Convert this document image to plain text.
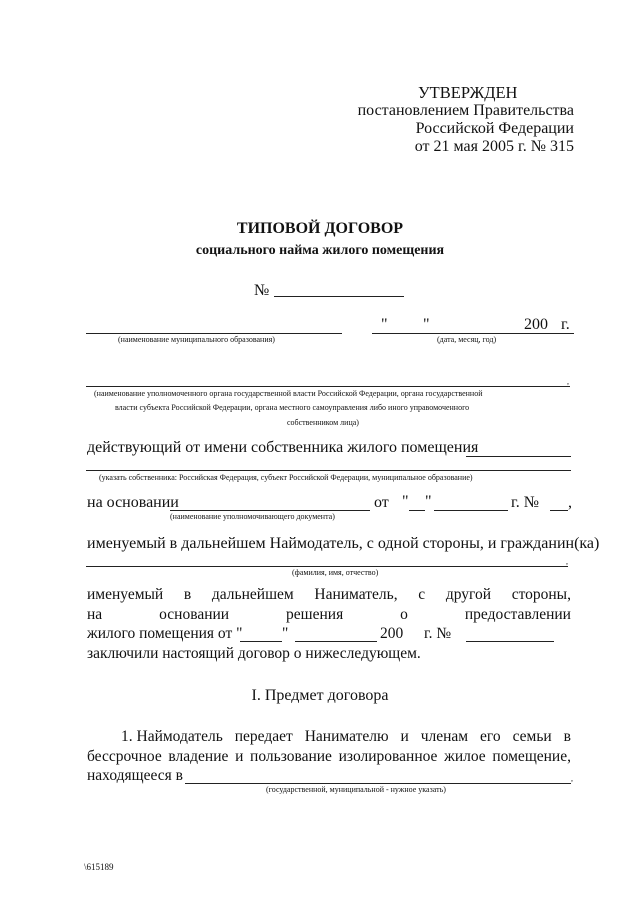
УТВЕРЖДЕН
постановлением Правительства
Российской Федерации
от 21 мая 2005 г. № 315
ТИПОВОЙ ДОГОВОР
социального найма жилого помещения
№
(наименование муниципального образования)
" "	200 г.
(дата, месяц, год)
,
(наименование уполномоченного органа государственной власти Российской Федерации, органа государственной
власти субъекта Российской Федерации, органа местного самоуправления либо иного управомоченного
собственником лица)
действующий от имени собственника жилого помещения
(указать собственника: Российская Федерация, субъект Российской Федерации, муниципальное образование)
на основании	от " "	г. № ,
(наименование уполномочивающего документа)
именуемый в дальнейшем Наймодатель, с одной стороны, и гражданин(ка)
,
(фамилия, имя, отчество)
именуемый в дальнейшем Наниматель, с другой стороны,
на	основании	решения	о	предоставлении
жилого помещения от "	"	200 г. №
заключили настоящий договор о нижеследующем.
I. Предмет договора
1. Наймодатель передает Нанимателю и членам его семьи в
бессрочное владение и пользование изолированное жилое помещение,
находящееся в	,
(государственной, муниципальной - нужное указать)
\615189
